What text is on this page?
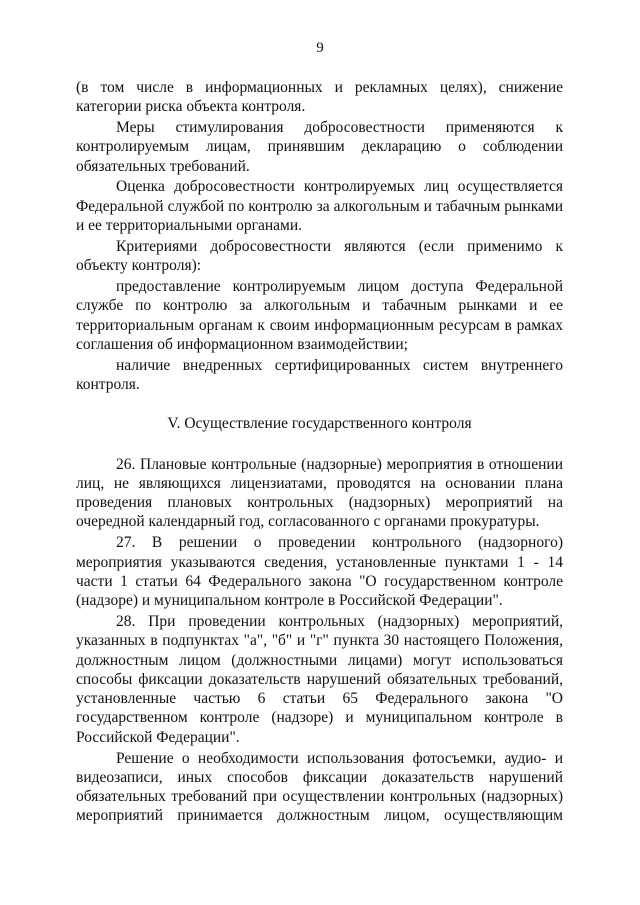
9

(в том числе в информационных и рекламных целях), снижение категории риска объекта контроля.

Меры стимулирования добросовестности применяются к контролируемым лицам, принявшим декларацию о соблюдении обязательных требований.

Оценка добросовестности контролируемых лиц осуществляется Федеральной службой по контролю за алкогольным и табачным рынками и ее территориальными органами.

Критериями добросовестности являются (если применимо к объекту контроля):

предоставление контролируемым лицом доступа Федеральной службе по контролю за алкогольным и табачным рынками и ее территориальным органам к своим информационным ресурсам в рамках соглашения об информационном взаимодействии;

наличие внедренных сертифицированных систем внутреннего контроля.

V. Осуществление государственного контроля

26. Плановые контрольные (надзорные) мероприятия в отношении лиц, не являющихся лицензиатами, проводятся на основании плана проведения плановых контрольных (надзорных) мероприятий на очередной календарный год, согласованного с органами прокуратуры.

27. В решении о проведении контрольного (надзорного) мероприятия указываются сведения, установленные пунктами 1 - 14 части 1 статьи 64 Федерального закона "О государственном контроле (надзоре) и муниципальном контроле в Российской Федерации".

28. При проведении контрольных (надзорных) мероприятий, указанных в подпунктах "а", "б" и "г" пункта 30 настоящего Положения, должностным лицом (должностными лицами) могут использоваться способы фиксации доказательств нарушений обязательных требований, установленные частью 6 статьи 65 Федерального закона "О государственном контроле (надзоре) и муниципальном контроле в Российской Федерации".

Решение о необходимости использования фотосъемки, аудио- и видеозаписи, иных способов фиксации доказательств нарушений обязательных требований при осуществлении контрольных (надзорных) мероприятий принимается должностным лицом, осуществляющим
